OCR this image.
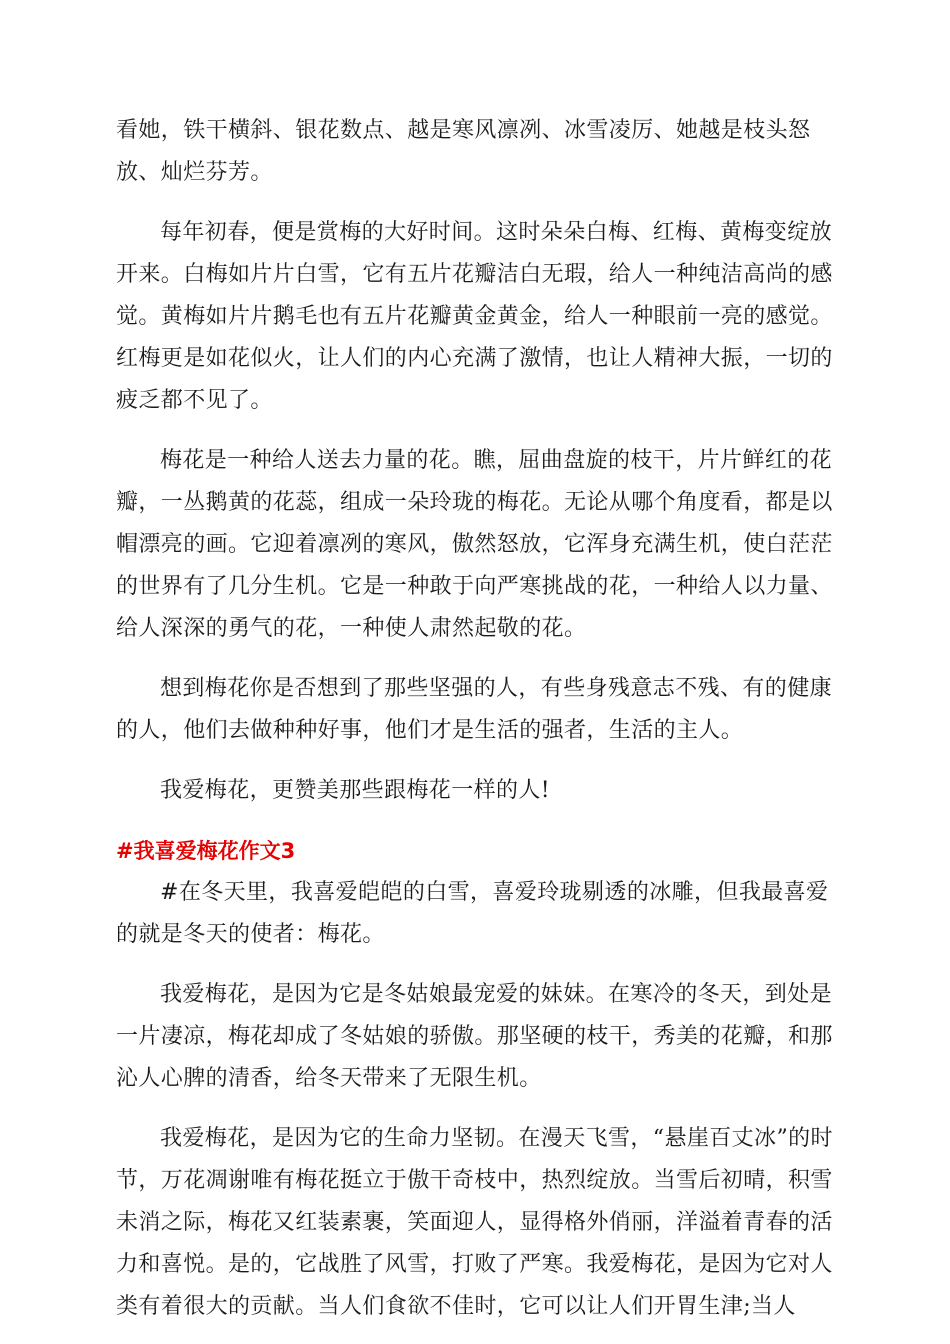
看她，铁干横斜、银花数点、越是寒风凛冽、冰雪凌厉、她越是枝头怒放、灿烂芬芳。

每年初春，便是赏梅的大好时间。这时朵朵白梅、红梅、黄梅变绽放开来。白梅如片片白雪，它有五片花瓣洁白无瑕，给人一种纯洁高尚的感觉。黄梅如片片鹅毛也有五片花瓣黄金黄金，给人一种眼前一亮的感觉。红梅更是如花似火，让人们的内心充满了激情，也让人精神大振，一切的疲乏都不见了。

梅花是一种给人送去力量的花。瞧，屈曲盘旋的枝干，片片鲜红的花瓣，一丛鹅黄的花蕊，组成一朵玲珑的梅花。无论从哪个角度看，都是以帽漂亮的画。它迎着凛冽的寒风，傲然怒放，它浑身充满生机，使白茫茫的世界有了几分生机。它是一种敢于向严寒挑战的花，一种给人以力量、给人深深的勇气的花，一种使人肃然起敬的花。

想到梅花你是否想到了那些坚强的人，有些身残意志不残、有的健康的人，他们去做种种好事，他们才是生活的强者，生活的主人。

我爱梅花，更赞美那些跟梅花一样的人!

#我喜爱梅花作文3

#在冬天里，我喜爱皑皑的白雪，喜爱玲珑剔透的冰雕，但我最喜爱的就是冬天的使者：梅花。

我爱梅花，是因为它是冬姑娘最宠爱的妹妹。在寒冷的冬天，到处是一片凄凉，梅花却成了冬姑娘的骄傲。那坚硬的枝干，秀美的花瓣，和那沁人心脾的清香，给冬天带来了无限生机。

我爱梅花，是因为它的生命力坚韧。在漫天飞雪，“悬崖百丈冰”的时节，万花凋谢唯有梅花挺立于傲干奇枝中，热烈绽放。当雪后初晴，积雪未消之际，梅花又红装素裹，笑面迎人，显得格外俏丽，洋溢着青春的活力和喜悦。是的，它战胜了风雪，打败了严寒。我爱梅花，是因为它对人类有着很大的贡献。当人们食欲不佳时，它可以让人们开胃生津;当人
